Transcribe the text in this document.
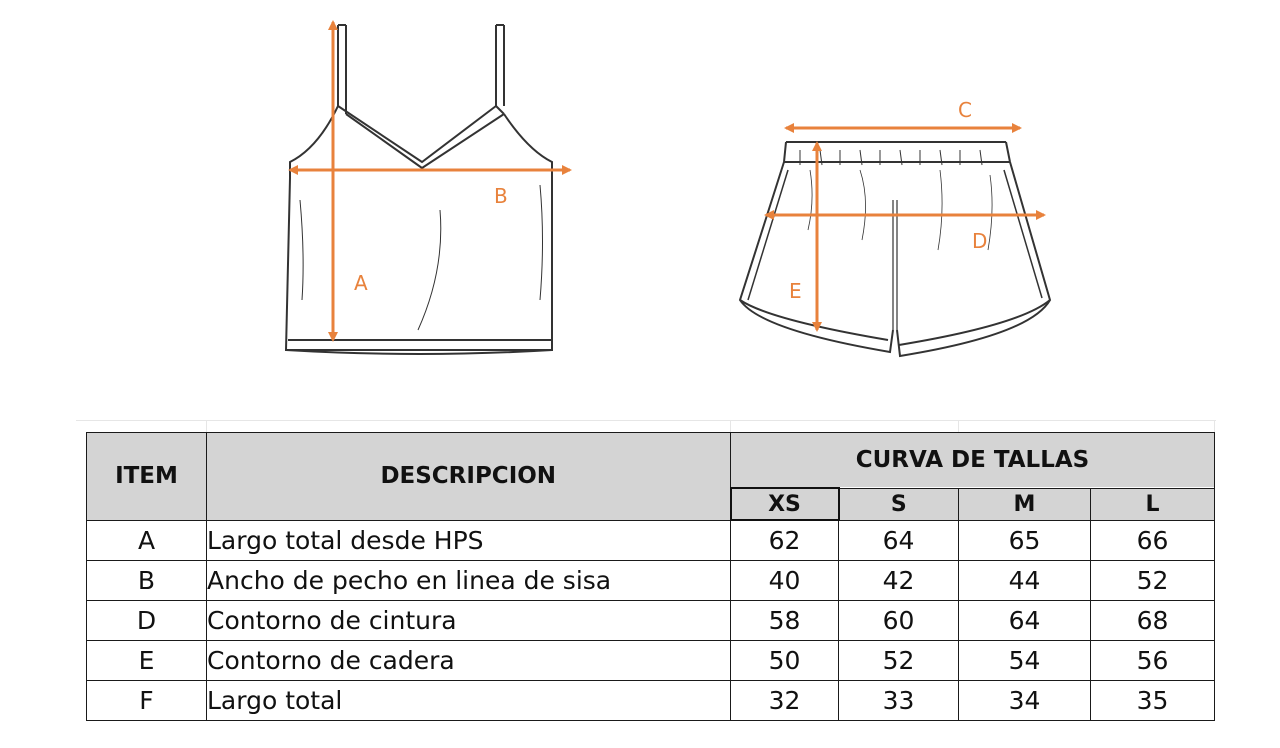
A
B
C
D
E
ITEM	DESCRIPCION	CURVA DE TALLAS			
		XS	S	M	L
A	Largo total desde HPS	62	64	65	66
B	Ancho de pecho en linea de sisa	40	42	44	52
D	Contorno de cintura	58	60	64	68
E	Contorno de cadera	50	52	54	56
F	Largo total	32	33	34	35
